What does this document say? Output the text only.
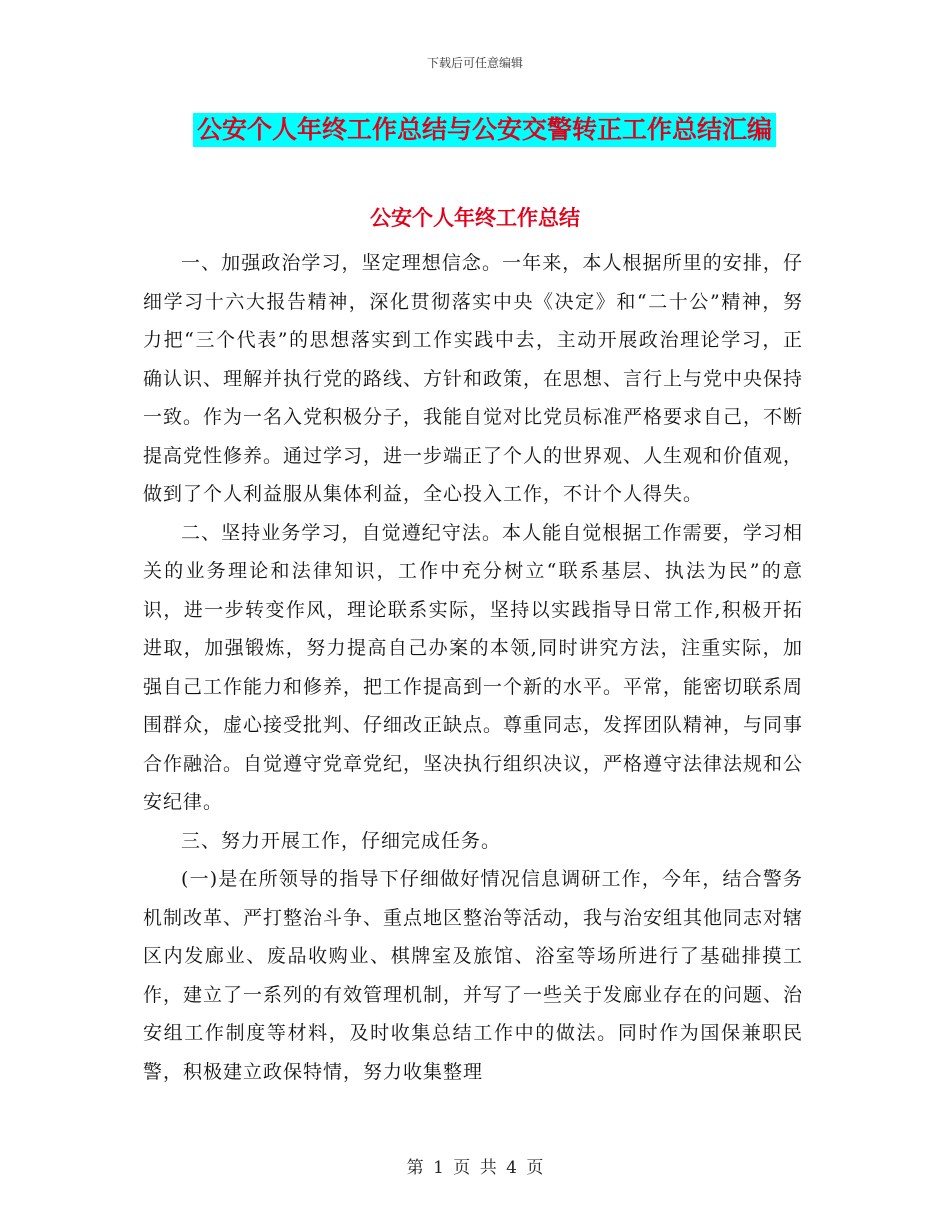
下载后可任意编辑
公安个人年终工作总结与公安交警转正工作总结汇编
公安个人年终工作总结

一、加强政治学习，坚定理想信念。一年来，本人根据所里的安排，仔细学习十六大报告精神，深化贯彻落实中央《决定》和“二十公”精神，努力把“三个代表”的思想落实到工作实践中去，主动开展政治理论学习，正确认识、理解并执行党的路线、方针和政策，在思想、言行上与党中央保持一致。作为一名入党积极分子，我能自觉对比党员标准严格要求自己，不断提高党性修养。通过学习，进一步端正了个人的世界观、人生观和价值观，做到了个人利益服从集体利益，全心投入工作，不计个人得失。

二、坚持业务学习，自觉遵纪守法。本人能自觉根据工作需要，学习相关的业务理论和法律知识，工作中充分树立“联系基层、执法为民”的意识，进一步转变作风，理论联系实际，坚持以实践指导日常工作,积极开拓进取，加强锻炼，努力提高自己办案的本领,同时讲究方法，注重实际，加强自己工作能力和修养，把工作提高到一个新的水平。平常，能密切联系周围群众，虚心接受批判、仔细改正缺点。尊重同志，发挥团队精神，与同事合作融洽。自觉遵守党章党纪，坚决执行组织决议，严格遵守法律法规和公安纪律。

三、努力开展工作，仔细完成任务。

(一)是在所领导的指导下仔细做好情况信息调研工作，今年，结合警务机制改革、严打整治斗争、重点地区整治等活动，我与治安组其他同志对辖区内发廊业、废品收购业、棋牌室及旅馆、浴室等场所进行了基础排摸工作，建立了一系列的有效管理机制，并写了一些关于发廊业存在的问题、治安组工作制度等材料，及时收集总结工作中的做法。同时作为国保兼职民警，积极建立政保特情，努力收集整理

第 1 页 共 4 页
